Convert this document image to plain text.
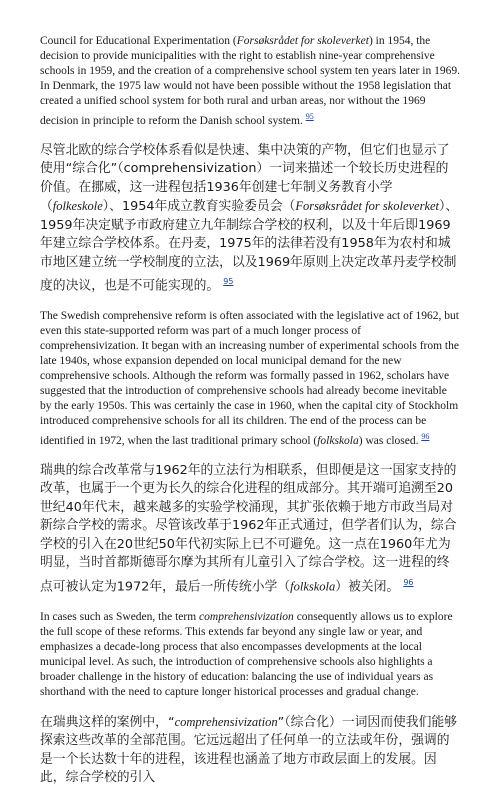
Council for Educational Experimentation (Forsøksrådet for skoleverket) in 1954, the decision to provide municipalities with the right to establish nine-year comprehensive schools in 1959, and the creation of a comprehensive school system ten years later in 1969. In Denmark, the 1975 law would not have been possible without the 1958 legislation that created a unified school system for both rural and urban areas, nor without the 1969 decision in principle to reform the Danish school system. $^{95}$

尽管北欧的综合学校体系看似是快速、集中决策的产物，但它们也显示了使用“综合化”（comprehensivization）一词来描述一个较长历史进程的价值。在挪威，这一进程包括1936年创建七年制义务教育小学（folkeskole）、1954年成立教育实验委员会（Forsøksrådet for skoleverket）、1959年决定赋予市政府建立九年制综合学校的权利，以及十年后即1969年建立综合学校体系。在丹麦，1975年的法律若没有1958年为农村和城市地区建立统一学校制度的立法，以及1969年原则上决定改革丹麦学校制度的决议，也是不可能实现的。 $^{95}$

The Swedish comprehensive reform is often associated with the legislative act of 1962, but even this state-supported reform was part of a much longer process of comprehensivization. It began with an increasing number of experimental schools from the late 1940s, whose expansion depended on local municipal demand for the new comprehensive schools. Although the reform was formally passed in 1962, scholars have suggested that the introduction of comprehensive schools had already become inevitable by the early 1950s. This was certainly the case in 1960, when the capital city of Stockholm introduced comprehensive schools for all its children. The end of the process can be identified in 1972, when the last traditional primary school (folkskola) was closed. $^{96}$

瑞典的综合改革常与1962年的立法行为相联系，但即便是这一国家支持的改革，也属于一个更为长久的综合化进程的组成部分。其开端可追溯至20世纪40年代末，越来越多的实验学校涌现，其扩张依赖于地方市政当局对新综合学校的需求。尽管该改革于1962年正式通过，但学者们认为，综合学校的引入在20世纪50年代初实际上已不可避免。这一点在1960年尤为明显，当时首都斯德哥尔摩为其所有儿童引入了综合学校。这一进程的终点可被认定为1972年，最后一所传统小学（folkskola）被关闭。 $^{96}$

In cases such as Sweden, the term comprehensivization consequently allows us to explore the full scope of these reforms. This extends far beyond any single law or year, and emphasizes a decade-long process that also encompasses developments at the local municipal level. As such, the introduction of comprehensive schools also highlights a broader challenge in the history of education: balancing the use of individual years as shorthand with the need to capture longer historical processes and gradual change.

在瑞典这样的案例中，“comprehensivization”（综合化）一词因而使我们能够探索这些改革的全部范围。它远远超出了任何单一的立法或年份，强调的是一个长达数十年的进程，该进程也涵盖了地方市政层面上的发展。因此，综合学校的引入
